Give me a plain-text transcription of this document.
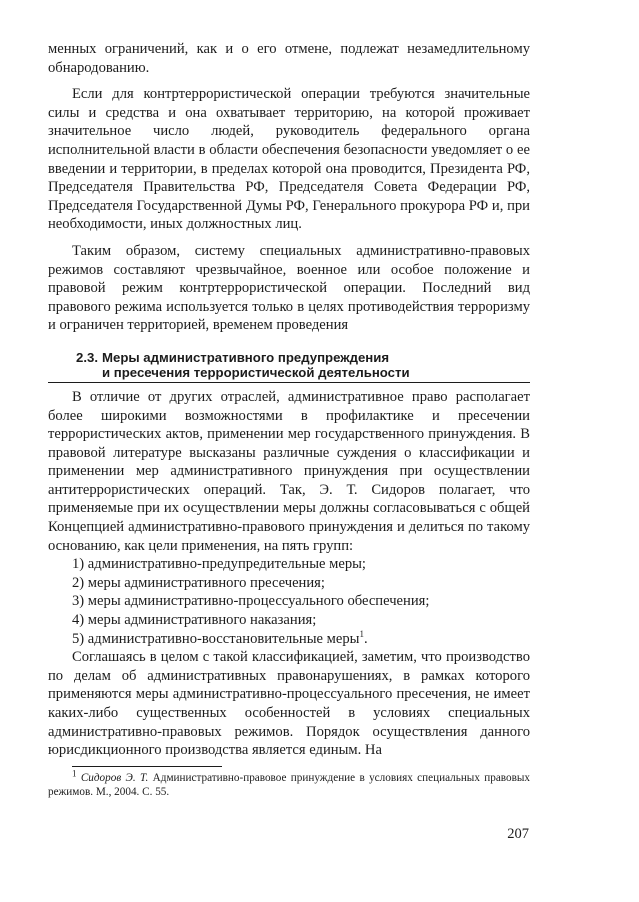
менных ограничений, как и о его отмене, подлежат незамедлительному обнародованию.

Если для контртеррористической операции требуются значительные силы и средства и она охватывает территорию, на которой проживает значительное число людей, руководитель федерального органа исполнительной власти в области обеспечения безопасности уведомляет о ее введении и территории, в пределах которой она проводится, Президента РФ, Председателя Правительства РФ, Председателя Совета Федерации РФ, Председателя Государственной Думы РФ, Генерального прокурора РФ и, при необходимости, иных должностных лиц.

Таким образом, систему специальных административно-правовых режимов составляют чрезвычайное, военное или особое положение и правовой режим контртеррористической операции. Последний вид правового режима используется только в целях противодействия терроризму и ограничен территорией, временем проведения

2.3. Меры административного предупреждения
и пресечения террористической деятельности

В отличие от других отраслей, административное право располагает более широкими возможностями в профилактике и пресечении террористических актов, применении мер государственного принуждения. В правовой литературе высказаны различные суждения о классификации и применении мер административного принуждения при осуществлении антитеррористических операций. Так, Э. Т. Сидоров полагает, что применяемые при их осуществлении меры должны согласовываться с общей Концепцией административно-правового принуждения и делиться по такому основанию, как цели применения, на пять групп:

1) административно-предупредительные меры;

2) меры административного пресечения;

3) меры административно-процессуального обеспечения;

4) меры административного наказания;

5) административно-восстановительные меры$^1$.

Соглашаясь в целом с такой классификацией, заметим, что производство по делам об административных правонарушениях, в рамках которого применяются меры административно-процессуального пресечения, не имеет каких-либо существенных особенностей в условиях специальных административно-правовых режимов. Порядок осуществления данного юрисдикционного производства является единым. На

$^1$ Сидоров Э. Т. Административно-правовое принуждение в условиях специальных правовых режимов. М., 2004. С. 55.

207
